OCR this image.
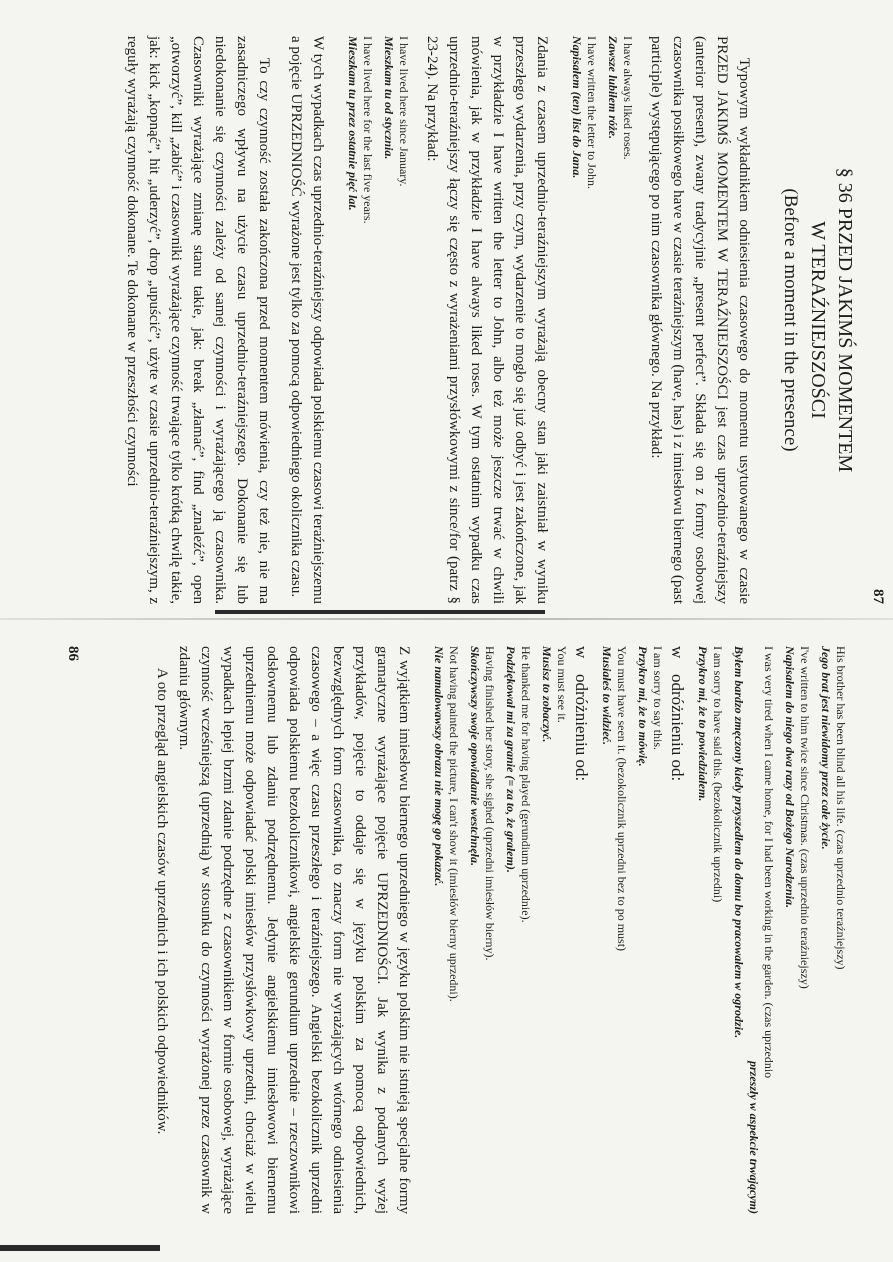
His brother has been blind all his life. (czas uprzednio teraźniejszy)

Jego brat jest niewidomy przez całe życie.

I've written to him twice since Christmas. (czas uprzednio teraźniejszy)

Napisałem do niego dwa razy od Bożego Narodzenia.

I was very tired when I came home, for I had been working in the garden. (czas uprzednio

przeszły w aspekcie trwającym)

Byłem bardzo zmęczony kiedy przyszedłem do domu bo pracowałem w ogrodzie.

I am sorry to have said this. (bezokolicznik uprzedni)

Przykro mi, że to powiedziałem.

wodróżnieniu od:

I am sorry to say this.

Przykro mi, że to mówię.

You must have seen it. (bezokolicznik uprzedni bez to po must)

Musiałeś to widzieć.

wodróżnieniu od:

You must see it.

Musisz to zobaczyć.

He thanked me for having played (gerundium uprzednie).

Podziękował mi za granie (= za to, że grałem).

Having finished her story, she sighed (uprzedni imiesłów bierny).

Skończywszy swoje opowiadanie westchnęła.

Not having painted the picture, I can't show it (imiesłów bierny uprzedni).

Nie namalowawszy obrazu nie mogę go pokazać.

Z wyjątkiem imiesłowu biernego uprzedniego w języku polskim nie istnieją specjalne formy gramatyczne wyrażające pojęcie UPRZEDNIOŚCI. Jak wynika z podanych wyżej przykładów, pojęcie to oddaje się w języku polskim za pomocą odpowiednich, bezwzględnych form czasownika, to znaczy form nie wyrażających wtórnego odniesienia czasowego – a więc czasu przeszłego i teraźniejszego. Angielski bezokolicznik uprzedni odpowiada polskiemu bezokolicznikowi, angielskie gerundium uprzednie – rzeczownikowi odsłownemu lub zdaniu podrzędnemu. Jedynie angielskiemu imiesłowowi biernemu uprzedniemu może odpowiadać polski imiesłów przysłówkowy uprzedni, chociaż w wielu wypadkach lepiej brzmi zdanie podrzędne z czasownikiem w formie osobowej, wyrażające czynność wcześniejszą (uprzednią) w stosunku do czynności wyrażonej przez czasownik w zdaniu głównym.

A oto przegląd angielskich czasów uprzednich i ich polskich odpowiedników.

86

§ 36 PRZED JAKIMŚ MOMENTEM

W TERAŹNIEJSZOŚCI

(Before a moment in the presence)

Typowym wykładnikiem odniesienia czasowego do momentu usytuowanego w czasie PRZED JAKIMŚ MOMENTEM W TERAŹNIEJSZOŚCI jest czas uprzednio-teraźniejszy (anterior present), zwany tradycyjnie „present perfect”. Składa się on z formy osobowej czasownika posiłkowego have w czasie teraźniejszym (have, has) i z imiesłowu biernego (past participle) występującego po nim czasownika głównego. Na przykład:

I have always liked roses.

Zawsze lubiłem róże.

I have written the letter to John.

Napisałem (ten) list do Jana.

Zdania z czasem uprzednio-teraźniejszym wyrażają obecny stan jaki zaistniał w wyniku przeszłego wydarzenia, przy czym, wydarzenie to mogło się już odbyć i jest zakończone, jak w przykładzie I have written the letter to John, albo też może jeszcze trwać w chwili mówienia, jak w przykładzie I have always liked roses. W tym ostatnim wypadku czas uprzednio-teraźniejszy łączy się często z wyrażeniami przysłówkowymi z since/for (patrz § 23-24). Na przykład:

I have lived here since January.

Mieszkam tu od stycznia.

I have lived here for the last five years.

Mieszkam tu przez ostatnie pięć lat.

W tych wypadkach czas uprzednio-teraźniejszy odpowiada polskiemu czasowi teraźniejszemu a pojęcie UPRZEDNIOŚĆ wyrażone jest tylko za pomocą odpowiedniego okolicznika czasu.

To czy czynność została zakończona przed momentem mówienia, czy też nie, nie ma zasadniczego wpływu na użycie czasu uprzednio-teraźniejszego. Dokonanie się lub niedokonanie się czynności zależy od samej czynności i wyrażającego ją czasownika. Czasowniki wyrażające zmianę stanu takie, jak: break „złamać”, find „znaleźć”, open „otworzyć”, kill „zabić” i czasowniki wyrażające czynność trwające tylko krótką chwilę takie, jak: kick „kopnąć”, hit „uderzyć”, drop „upuścić”, użyte w czasie uprzednio-teraźniejszym, z reguły wyrażają czynność dokonane. Te dokonane w przeszłości czynności

87
